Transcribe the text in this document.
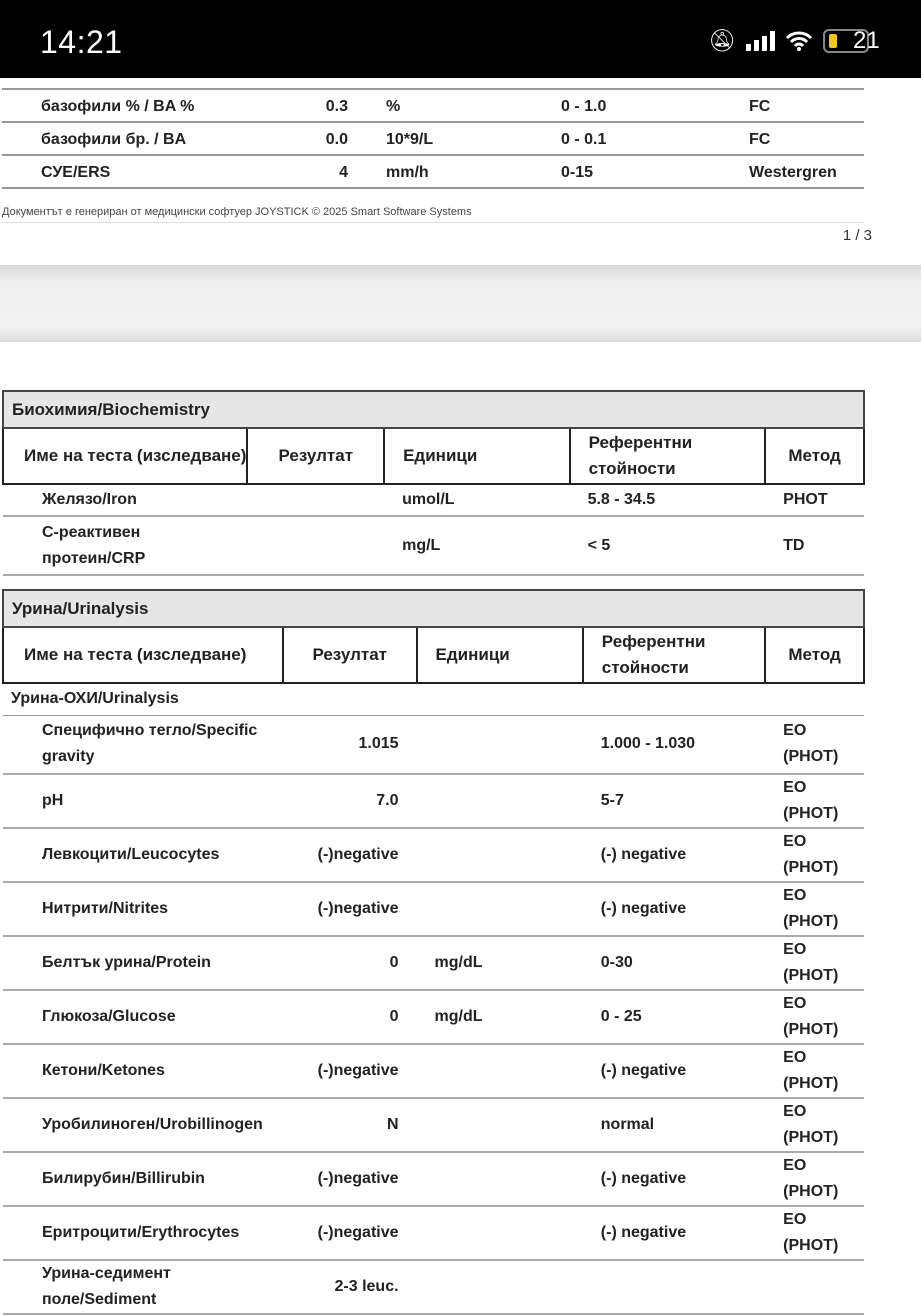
14:21	🔕︎	21
базофили % / BA %	0.3 %	0 - 1.0	FC
базофили бр. / BA	0.0 10*9/L	0 - 0.1	FC
СУЕ/ERS	4 mm/h	0-15	Westergren
Документът е генериран от медицински софтуер JOYSTICK © 2025 Smart Software Systems
1 / 3
Биохимия/Biochemistry				
Име на теста (изследване)	Резултат	Единици	Референтни стойности	Метод
Желязо/Iron		umol/L	5.8 - 34.5	PHOT
С-реактивен протеин/CRP		mg/L	< 5	TD
Урина/Urinalysis				
Име на теста (изследване)	Резултат	Единици	Референтни стойности	Метод
Урина-ОХИ/Urinalysis				
Специфично тегло/Specific gravity	1.015		1.000 - 1.030	EO (PHOT)
pH	7.0		5-7	EO (PHOT)
Левкоцити/Leucocytes	(-)negative		(-) negative	EO (PHOT)
Нитрити/Nitrites	(-)negative		(-) negative	EO (PHOT)
Белтък урина/Protein	0	mg/dL	0-30	EO (PHOT)
Глюкоза/Glucose	0	mg/dL	0 - 25	EO (PHOT)
Кетони/Ketones	(-)negative		(-) negative	EO (PHOT)
Уробилиноген/Urobillinogen	N		normal	EO (PHOT)
Билирубин/Billirubin	(-)negative		(-) negative	EO (PHOT)
Еритроцити/Erythrocytes	(-)negative		(-) negative	EO (PHOT)
Урина-седимент поле/Sediment	2-3 leuc.			
